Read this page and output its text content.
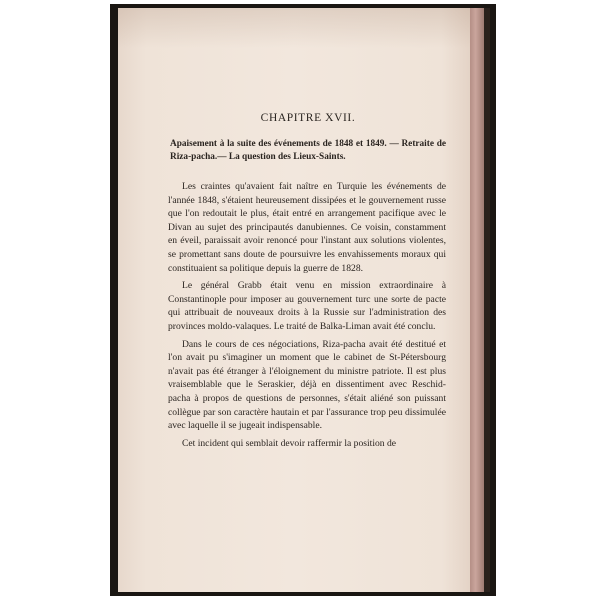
CHAPITRE XVII.
Apaisement à la suite des événements de 1848 et 1849. — Retraite de Riza-pacha.— La question des Lieux-Saints.

Les craintes qu'avaient fait naître en Turquie les événements de l'année 1848, s'étaient heureusement dissipées et le gouvernement russe que l'on redoutait le plus, était entré en arrangement pacifique avec le Divan au sujet des principautés danubiennes. Ce voisin, constamment en éveil, paraissait avoir renoncé pour l'instant aux solutions violentes, se promettant sans doute de poursuivre les envahissements moraux qui constituaient sa politique depuis la guerre de 1828.

Le général Grabb était venu en mission extraordinaire à Constantinople pour imposer au gouvernement turc une sorte de pacte qui attribuait de nouveaux droits à la Russie sur l'administration des provinces moldo-valaques. Le traité de Balka-Liman avait été conclu.

Dans le cours de ces négociations, Riza-pacha avait été destitué et l'on avait pu s'imaginer un moment que le cabinet de St-Pétersbourg n'avait pas été étranger à l'éloignement du ministre patriote. Il est plus vraisemblable que le Seraskier, déjà en dissentiment avec Reschid-pacha à propos de questions de personnes, s'était aliéné son puissant collègue par son caractère hautain et par l'assurance trop peu dissimulée avec laquelle il se jugeait indispensable.

Cet incident qui semblait devoir raffermir la position de
